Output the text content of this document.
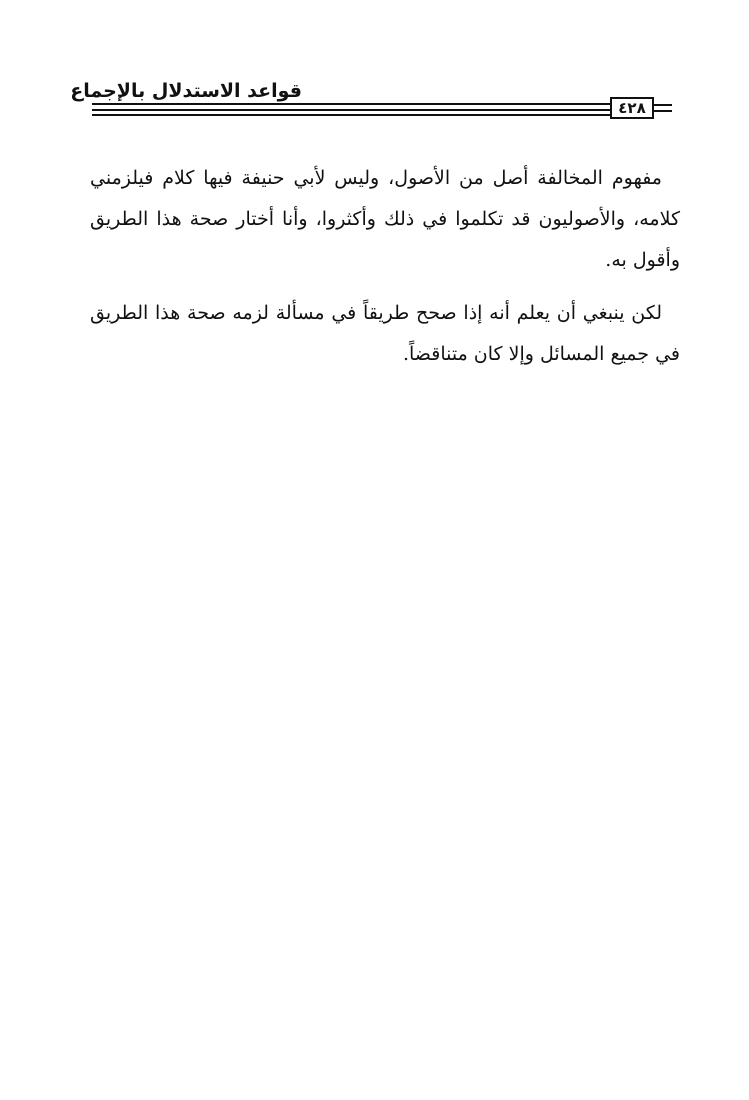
قواعد الاستدلال بالإجماع
٤٢٨

مفهوم المخالفة أصل من الأصول، وليس لأبي حنيفة فيها كلام فيلزمني كلامه، والأصوليون قد تكلموا في ذلك وأكثروا، وأنا أختار صحة هذا الطريق وأقول به.

لكن ينبغي أن يعلم أنه إذا صحح طريقاً في مسألة لزمه صحة هذا الطريق في جميع المسائل وإلا كان متناقضاً.
